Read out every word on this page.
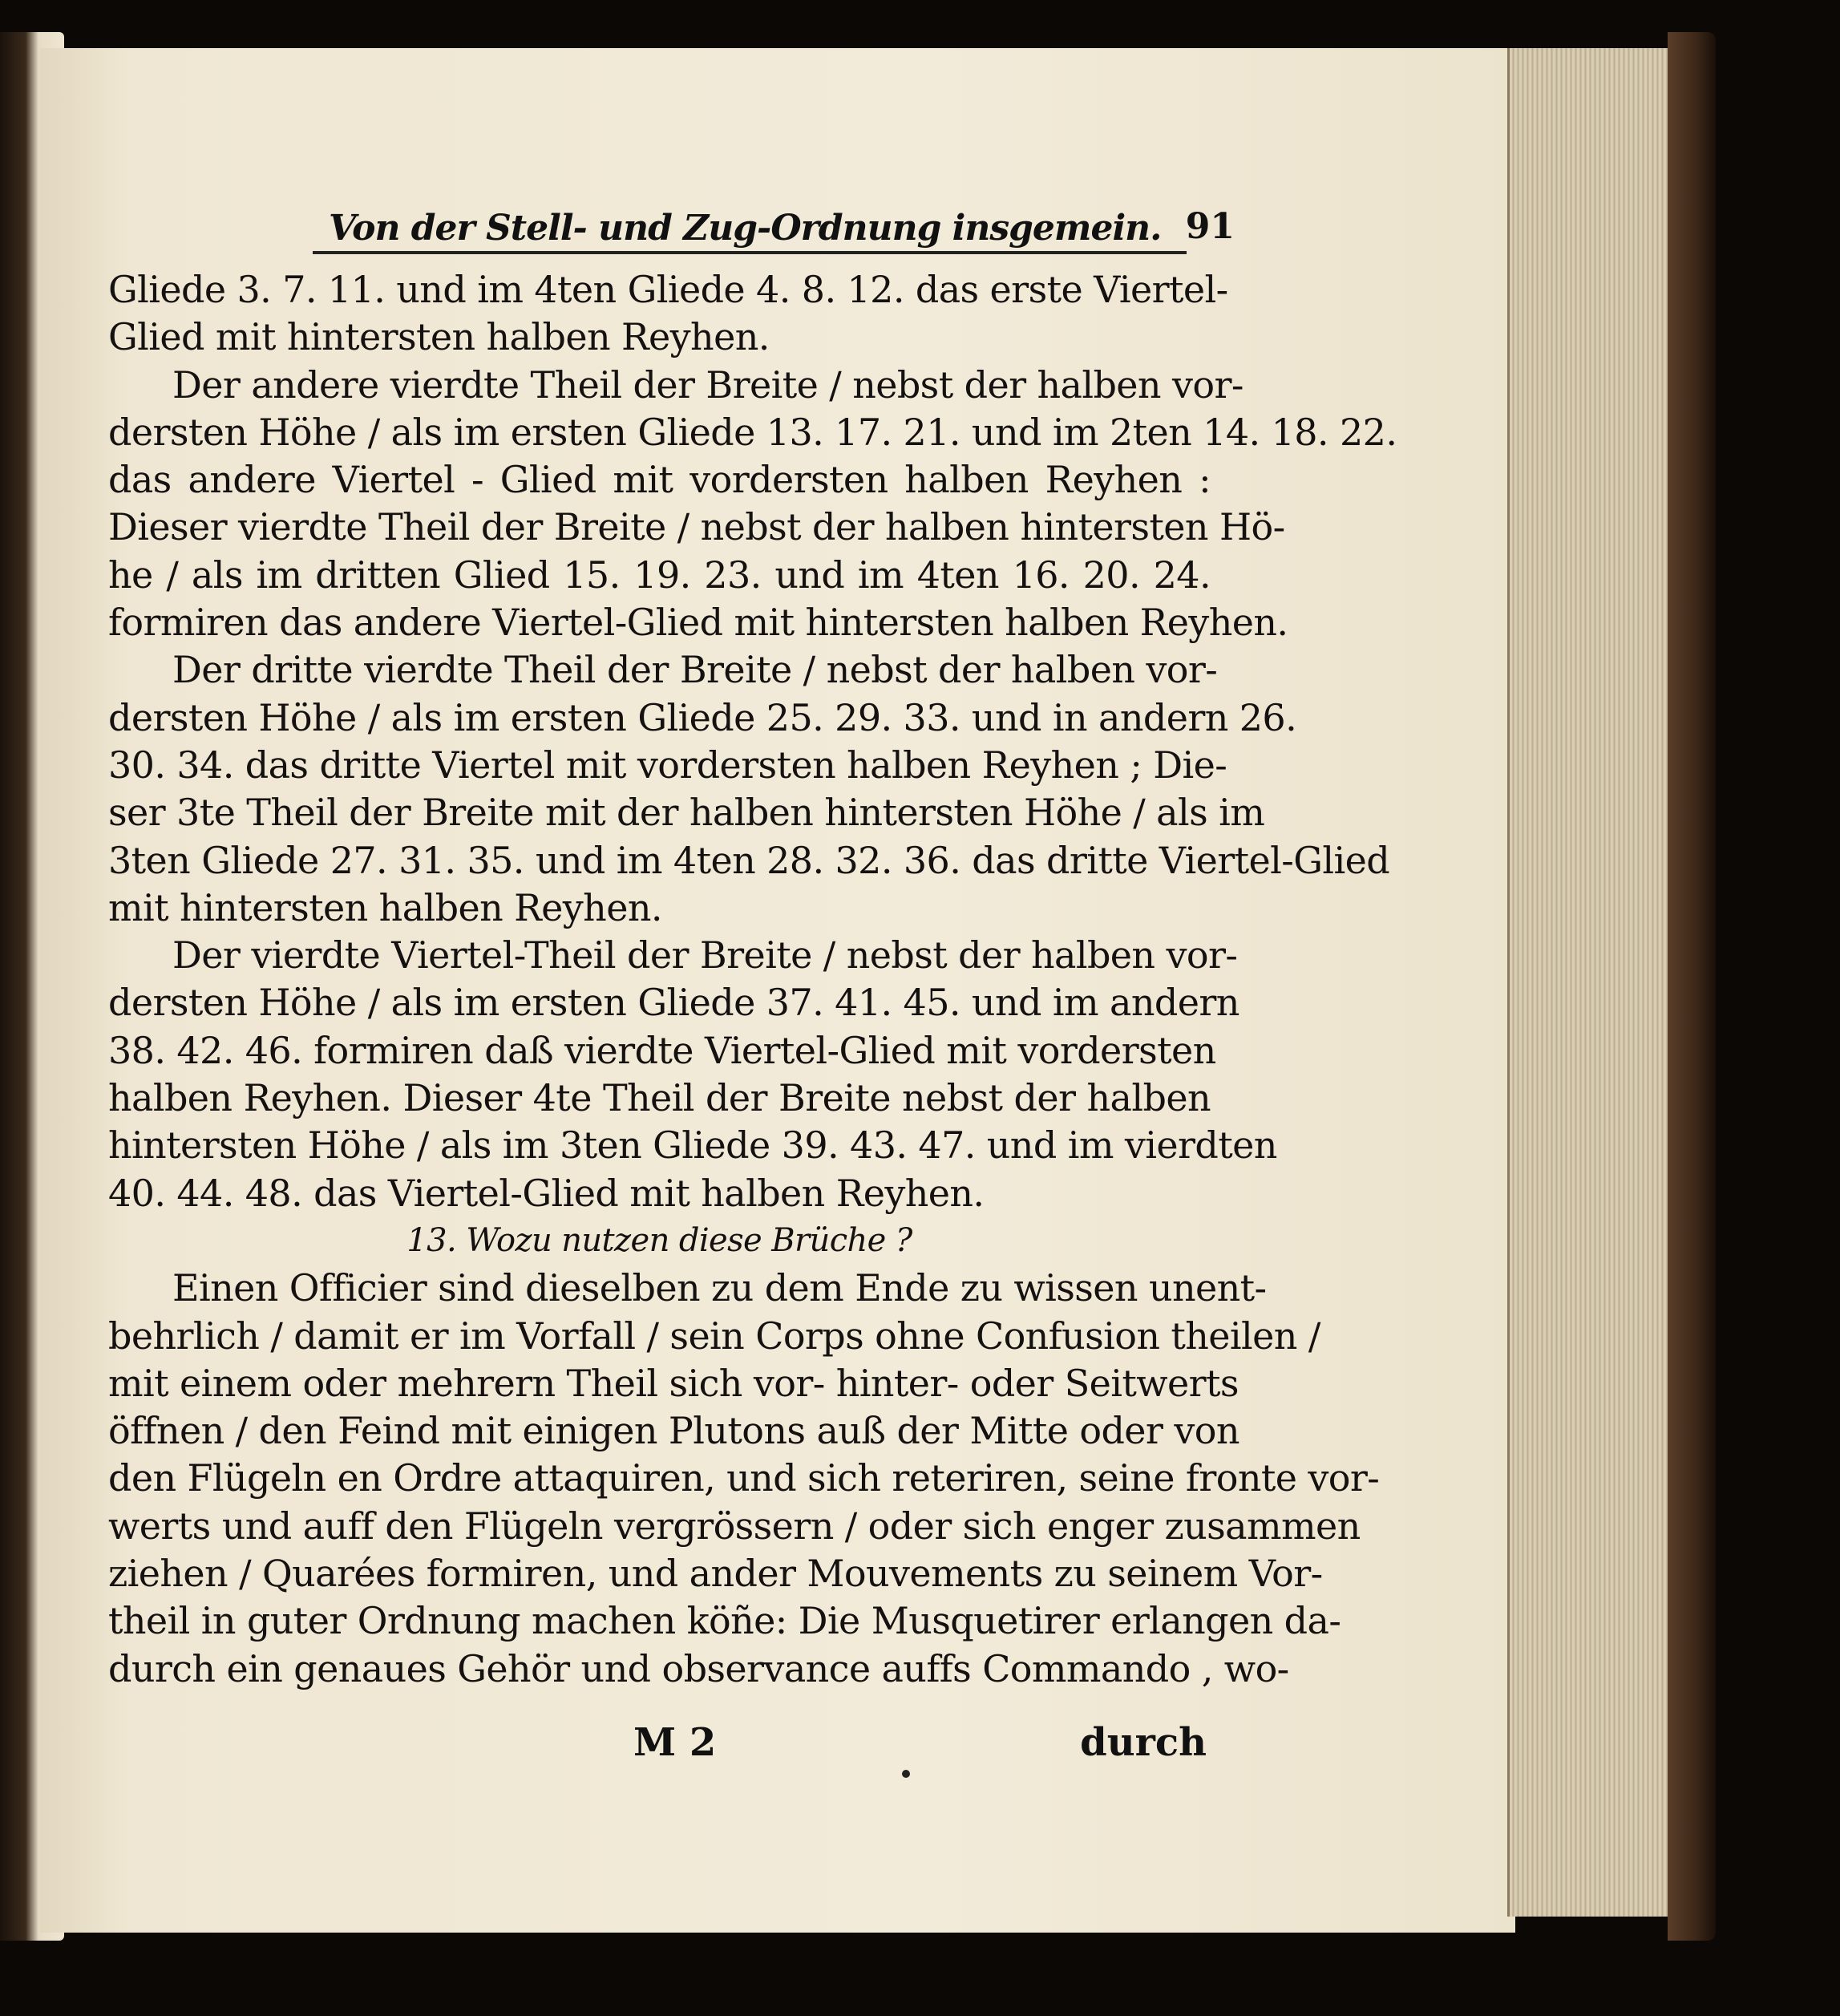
Von der Stell- und Zug-Ordnung insgemein. 91
Gliede 3. 7. 11. und im 4ten Gliede 4. 8. 12. das erste Viertel-
Glied mit hintersten halben Reyhen.
Der andere vierdte Theil der Breite / nebst der halben vor-
dersten Höhe / als im ersten Gliede 13. 17. 21. und im 2ten 14. 18. 22.
das andere Viertel - Glied mit vordersten halben Reyhen :
Dieser vierdte Theil der Breite / nebst der halben hintersten Hö-
he / als im dritten Glied 15. 19. 23. und im 4ten 16. 20. 24.
formiren das andere Viertel-Glied mit hintersten halben Reyhen.
Der dritte vierdte Theil der Breite / nebst der halben vor-
dersten Höhe / als im ersten Gliede 25. 29. 33. und in andern 26.
30. 34. das dritte Viertel mit vordersten halben Reyhen ; Die-
ser 3te Theil der Breite mit der halben hintersten Höhe / als im
3ten Gliede 27. 31. 35. und im 4ten 28. 32. 36. das dritte Viertel-Glied
mit hintersten halben Reyhen.
Der vierdte Viertel-Theil der Breite / nebst der halben vor-
dersten Höhe / als im ersten Gliede 37. 41. 45. und im andern
38. 42. 46. formiren daß vierdte Viertel-Glied mit vordersten
halben Reyhen. Dieser 4te Theil der Breite nebst der halben
hintersten Höhe / als im 3ten Gliede 39. 43. 47. und im vierdten
40. 44. 48. das Viertel-Glied mit halben Reyhen.
13. Wozu nutzen diese Brüche ?
Einen Officier sind dieselben zu dem Ende zu wissen unent-
behrlich / damit er im Vorfall / sein Corps ohne Confusion theilen /
mit einem oder mehrern Theil sich vor- hinter- oder Seitwerts
öffnen / den Feind mit einigen Plutons auß der Mitte oder von
den Flügeln en Ordre attaquiren, und sich reteriren, seine fronte vor-
werts und auff den Flügeln vergrössern / oder sich enger zusammen
ziehen / Quarées formiren, und ander Mouvements zu seinem Vor-
theil in guter Ordnung machen köñe: Die Musquetirer erlangen da-
durch ein genaues Gehör und observance auffs Commando , wo-
M 2	durch
